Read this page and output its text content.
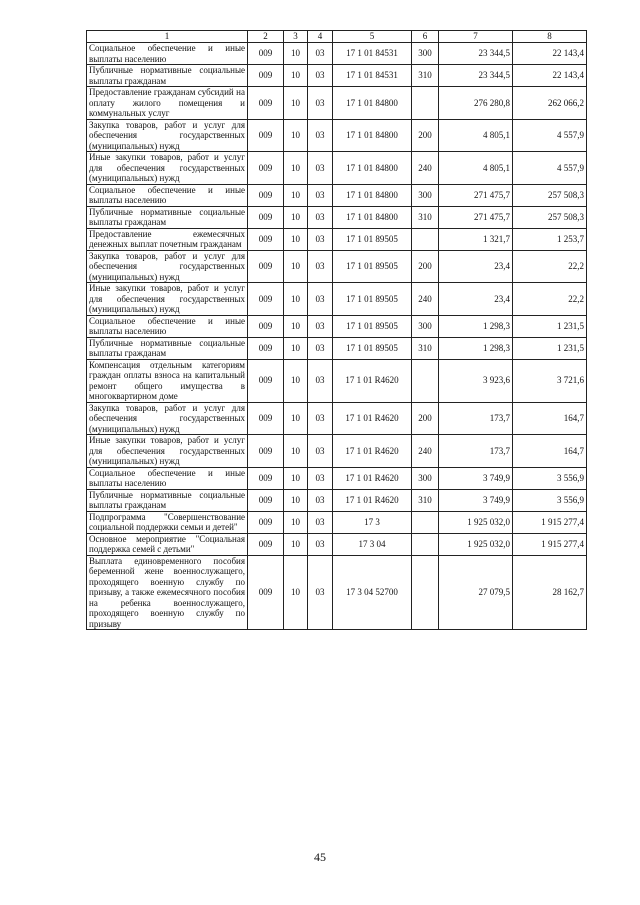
1	2	3	4	5	6	7	8
Социальное обеспечение и иные выплаты населению	009	10	03	17 1 01 84531	300	23 344,5	22 143,4
Публичные нормативные социальные выплаты гражданам	009	10	03	17 1 01 84531	310	23 344,5	22 143,4
Предоставление гражданам субсидий на оплату жилого помещения и коммунальных услуг	009	10	03	17 1 01 84800		276 280,8	262 066,2
Закупка товаров, работ и услуг для обеспечения государственных (муниципальных) нужд	009	10	03	17 1 01 84800	200	4 805,1	4 557,9
Иные закупки товаров, работ и услуг для обеспечения государственных (муниципальных) нужд	009	10	03	17 1 01 84800	240	4 805,1	4 557,9
Социальное обеспечение и иные выплаты населению	009	10	03	17 1 01 84800	300	271 475,7	257 508,3
Публичные нормативные социальные выплаты гражданам	009	10	03	17 1 01 84800	310	271 475,7	257 508,3
Предоставление ежемесячных денежных выплат почетным гражданам	009	10	03	17 1 01 89505		1 321,7	1 253,7
Закупка товаров, работ и услуг для обеспечения государственных (муниципальных) нужд	009	10	03	17 1 01 89505	200	23,4	22,2
Иные закупки товаров, работ и услуг для обеспечения государственных (муниципальных) нужд	009	10	03	17 1 01 89505	240	23,4	22,2
Социальное обеспечение и иные выплаты населению	009	10	03	17 1 01 89505	300	1 298,3	1 231,5
Публичные нормативные социальные выплаты гражданам	009	10	03	17 1 01 89505	310	1 298,3	1 231,5
Компенсация отдельным категориям граждан оплаты взноса на капитальный ремонт общего имущества в многоквартирном доме	009	10	03	17 1 01 R4620		3 923,6	3 721,6
Закупка товаров, работ и услуг для обеспечения государственных (муниципальных) нужд	009	10	03	17 1 01 R4620	200	173,7	164,7
Иные закупки товаров, работ и услуг для обеспечения государственных (муниципальных) нужд	009	10	03	17 1 01 R4620	240	173,7	164,7
Социальное обеспечение и иные выплаты населению	009	10	03	17 1 01 R4620	300	3 749,9	3 556,9
Публичные нормативные социальные выплаты гражданам	009	10	03	17 1 01 R4620	310	3 749,9	3 556,9
Подпрограмма "Совершенствование социальной поддержки семьи и детей"	009	10	03	17 3		1 925 032,0	1 915 277,4
Основное мероприятие "Социальная поддержка семей с детьми"	009	10	03	17 3 04		1 925 032,0	1 915 277,4
Выплата единовременного пособия беременной жене военнослужащего, проходящего военную службу по призыву, а также ежемесячного пособия на ребенка военнослужащего, проходящего военную службу по призыву	009	10	03	17 3 04 52700		27 079,5	28 162,7
45
